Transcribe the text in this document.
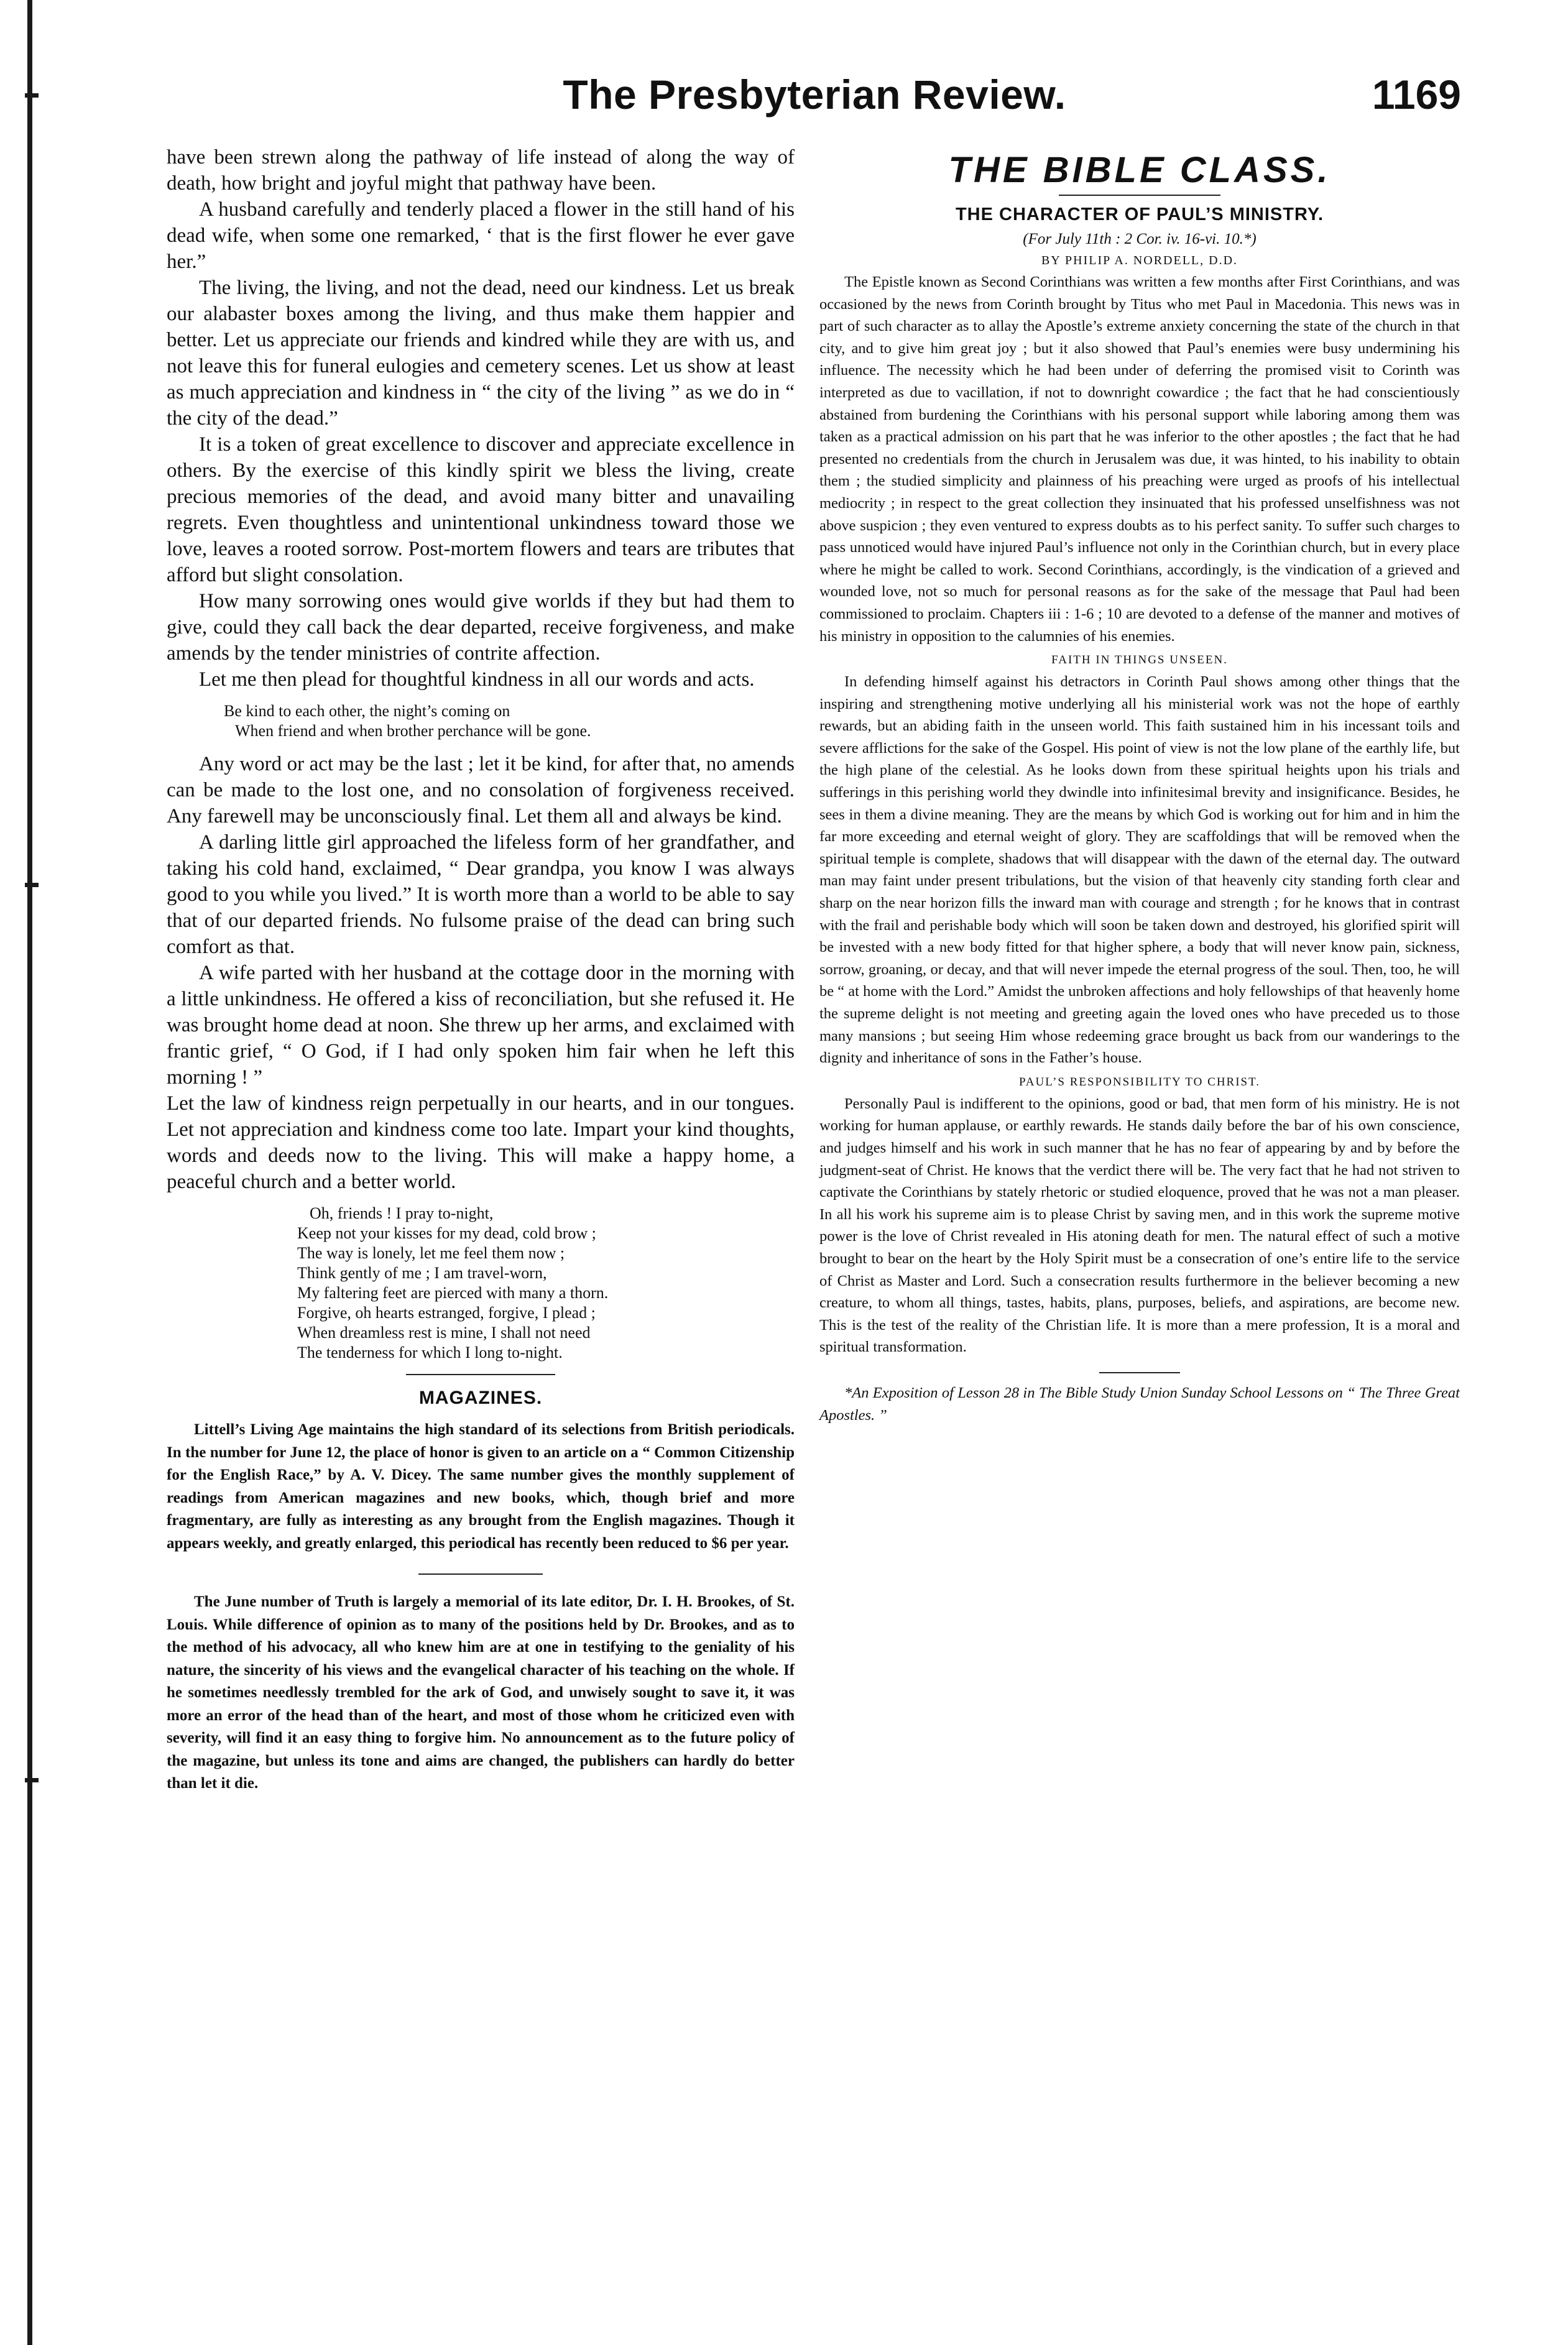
The Presbyterian Review.	1169

have been strewn along the pathway of life instead of along the way of death, how bright and joyful might that pathway have been.

A husband carefully and tenderly placed a flower in the still hand of his dead wife, when some one remarked, ‘ that is the first flower he ever gave her.”

The living, the living, and not the dead, need our kindness. Let us break our alabaster boxes among the living, and thus make them happier and better. Let us appreciate our friends and kindred while they are with us, and not leave this for funeral eulogies and cemetery scenes. Let us show at least as much appreciation and kindness in “ the city of the living ” as we do in “ the city of the dead.”

It is a token of great excellence to discover and appreciate excellence in others. By the exercise of this kindly spirit we bless the living, create precious memories of the dead, and avoid many bitter and unavailing regrets. Even thoughtless and unintentional unkindness toward those we love, leaves a rooted sorrow. Post-mortem flowers and tears are tributes that afford but slight consolation.

How many sorrowing ones would give worlds if they but had them to give, could they call back the dear departed, receive forgiveness, and make amends by the tender ministries of contrite affection.

Let me then plead for thoughtful kindness in all our words and acts.

Be kind to each other, the night’s coming on
When friend and when brother perchance will be gone.

Any word or act may be the last ; let it be kind, for after that, no amends can be made to the lost one, and no consolation of forgiveness received. Any farewell may be unconsciously final. Let them all and always be kind.

A darling little girl approached the lifeless form of her grandfather, and taking his cold hand, exclaimed, “ Dear grandpa, you know I was always good to you while you lived.” It is worth more than a world to be able to say that of our departed friends. No fulsome praise of the dead can bring such comfort as that.

A wife parted with her husband at the cottage door in the morning with a little unkindness. He offered a kiss of reconciliation, but she refused it. He was brought home dead at noon. She threw up her arms, and exclaimed with frantic grief, “ O God, if I had only spoken him fair when he left this morning ! ”

Let the law of kindness reign perpetually in our hearts, and in our tongues. Let not appreciation and kindness come too late. Impart your kind thoughts, words and deeds now to the living. This will make a happy home, a peaceful church and a better world.

Oh, friends ! I pray to-night,
Keep not your kisses for my dead, cold brow ;
The way is lonely, let me feel them now ;
Think gently of me ; I am travel-worn,
My faltering feet are pierced with many a thorn.
Forgive, oh hearts estranged, forgive, I plead ;
When dreamless rest is mine, I shall not need
The tenderness for which I long to-night.
MAGAZINES.

Littell’s Living Age maintains the high standard of its selections from British periodicals. In the number for June 12, the place of honor is given to an article on a “ Common Citizenship for the English Race,” by A. V. Dicey. The same number gives the monthly supplement of readings from American magazines and new books, which, though brief and more fragmentary, are fully as interesting as any brought from the English magazines. Though it appears weekly, and greatly enlarged, this periodical has recently been reduced to $6 per year.

The June number of Truth is largely a memorial of its late editor, Dr. I. H. Brookes, of St. Louis. While difference of opinion as to many of the positions held by Dr. Brookes, and as to the method of his advocacy, all who knew him are at one in testifying to the geniality of his nature, the sincerity of his views and the evangelical character of his teaching on the whole. If he sometimes needlessly trembled for the ark of God, and unwisely sought to save it, it was more an error of the head than of the heart, and most of those whom he criticized even with severity, will find it an easy thing to forgive him. No announcement as to the future policy of the magazine, but unless its tone and aims are changed, the publishers can hardly do better than let it die.

THE BIBLE CLASS.
THE CHARACTER OF PAUL’S MINISTRY.
(For July 11th : 2 Cor. iv. 16-vi. 10.*)
BY PHILIP A. NORDELL, D.D.

The Epistle known as Second Corinthians was written a few months after First Corinthians, and was occasioned by the news from Corinth brought by Titus who met Paul in Macedonia. This news was in part of such character as to allay the Apostle’s extreme anxiety concerning the state of the church in that city, and to give him great joy ; but it also showed that Paul’s enemies were busy undermining his influence. The necessity which he had been under of deferring the promised visit to Corinth was interpreted as due to vacillation, if not to downright cowardice ; the fact that he had conscientiously abstained from burdening the Corinthians with his personal support while laboring among them was taken as a practical admission on his part that he was inferior to the other apostles ; the fact that he had presented no credentials from the church in Jerusalem was due, it was hinted, to his inability to obtain them ; the studied simplicity and plainness of his preaching were urged as proofs of his intellectual mediocrity ; in respect to the great collection they insinuated that his professed unselfishness was not above suspicion ; they even ventured to express doubts as to his perfect sanity. To suffer such charges to pass unnoticed would have injured Paul’s influence not only in the Corinthian church, but in every place where he might be called to work. Second Corinthians, accordingly, is the vindication of a grieved and wounded love, not so much for personal reasons as for the sake of the message that Paul had been commissioned to proclaim. Chapters iii : 1-6 ; 10 are devoted to a defense of the manner and motives of his ministry in opposition to the calumnies of his enemies.

FAITH IN THINGS UNSEEN.

In defending himself against his detractors in Corinth Paul shows among other things that the inspiring and strengthening motive underlying all his ministerial work was not the hope of earthly rewards, but an abiding faith in the unseen world. This faith sustained him in his incessant toils and severe afflictions for the sake of the Gospel. His point of view is not the low plane of the earthly life, but the high plane of the celestial. As he looks down from these spiritual heights upon his trials and sufferings in this perishing world they dwindle into infinitesimal brevity and insignificance. Besides, he sees in them a divine meaning. They are the means by which God is working out for him and in him the far more exceeding and eternal weight of glory. They are scaffoldings that will be removed when the spiritual temple is complete, shadows that will disappear with the dawn of the eternal day. The outward man may faint under present tribulations, but the vision of that heavenly city standing forth clear and sharp on the near horizon fills the inward man with courage and strength ; for he knows that in contrast with the frail and perishable body which will soon be taken down and destroyed, his glorified spirit will be invested with a new body fitted for that higher sphere, a body that will never know pain, sickness, sorrow, groaning, or decay, and that will never impede the eternal progress of the soul. Then, too, he will be “ at home with the Lord.” Amidst the unbroken affections and holy fellowships of that heavenly home the supreme delight is not meeting and greeting again the loved ones who have preceded us to those many mansions ; but seeing Him whose redeeming grace brought us back from our wanderings to the dignity and inheritance of sons in the Father’s house.

PAUL’S RESPONSIBILITY TO CHRIST.

Personally Paul is indifferent to the opinions, good or bad, that men form of his ministry. He is not working for human applause, or earthly rewards. He stands daily before the bar of his own conscience, and judges himself and his work in such manner that he has no fear of appearing by and by before the judgment-seat of Christ. He knows that the verdict there will be. The very fact that he had not striven to captivate the Corinthians by stately rhetoric or studied eloquence, proved that he was not a man pleaser. In all his work his supreme aim is to please Christ by saving men, and in this work the supreme motive power is the love of Christ revealed in His atoning death for men. The natural effect of such a motive brought to bear on the heart by the Holy Spirit must be a consecration of one’s entire life to the service of Christ as Master and Lord. Such a consecration results furthermore in the believer becoming a new creature, to whom all things, tastes, habits, plans, purposes, beliefs, and aspirations, are become new. This is the test of the reality of the Christian life. It is more than a mere profession, It is a moral and spiritual transformation.

*An Exposition of Lesson 28 in The Bible Study Union Sunday School Lessons on “ The Three Great Apostles. ”
